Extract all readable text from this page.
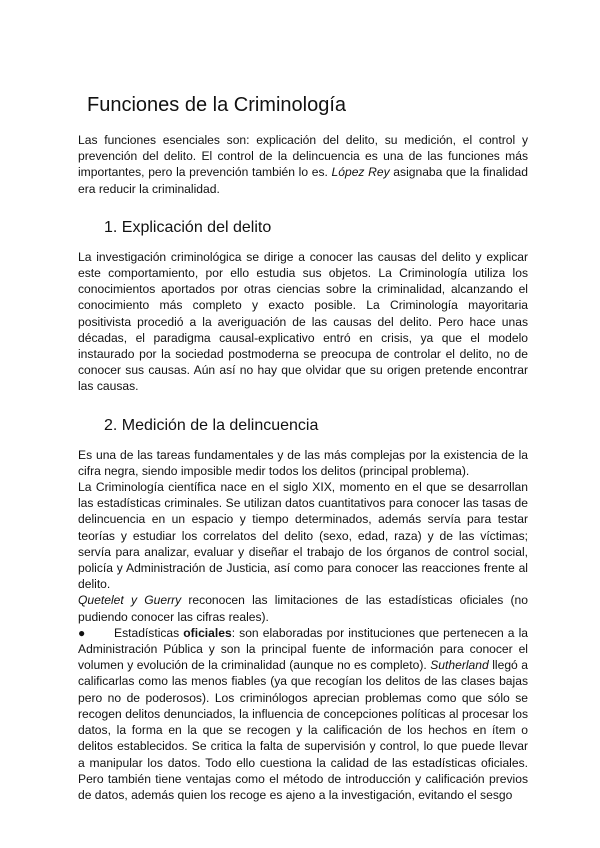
Funciones de la Criminología

Las funciones esenciales son: explicación del delito, su medición, el control y prevención del delito. El control de la delincuencia es una de las funciones más importantes, pero la prevención también lo es. López Rey asignaba que la finalidad era reducir la criminalidad.

1. Explicación del delito

La investigación criminológica se dirige a conocer las causas del delito y explicar este comportamiento, por ello estudia sus objetos. La Criminología utiliza los conocimientos aportados por otras ciencias sobre la criminalidad, alcanzando el conocimiento más completo y exacto posible. La Criminología mayoritaria positivista procedió a la averiguación de las causas del delito. Pero hace unas décadas, el paradigma causal-explicativo entró en crisis, ya que el modelo instaurado por la sociedad postmoderna se preocupa de controlar el delito, no de conocer sus causas. Aún así no hay que olvidar que su origen pretende encontrar las causas.

2. Medición de la delincuencia

Es una de las tareas fundamentales y de las más complejas por la existencia de la cifra negra, siendo imposible medir todos los delitos (principal problema).

La Criminología científica nace en el siglo XIX, momento en el que se desarrollan las estadísticas criminales. Se utilizan datos cuantitativos para conocer las tasas de delincuencia en un espacio y tiempo determinados, además servía para testar teorías y estudiar los correlatos del delito (sexo, edad, raza) y de las víctimas; servía para analizar, evaluar y diseñar el trabajo de los órganos de control social, policía y Administración de Justicia, así como para conocer las reacciones frente al delito.

Quetelet y Guerry reconocen las limitaciones de las estadísticas oficiales (no pudiendo conocer las cifras reales).

● Estadísticas oficiales: son elaboradas por instituciones que pertenecen a la Administración Pública y son la principal fuente de información para conocer el volumen y evolución de la criminalidad (aunque no es completo). Sutherland llegó a calificarlas como las menos fiables (ya que recogían los delitos de las clases bajas pero no de poderosos). Los criminólogos aprecian problemas como que sólo se recogen delitos denunciados, la influencia de concepciones políticas al procesar los datos, la forma en la que se recogen y la calificación de los hechos en ítem o delitos establecidos. Se critica la falta de supervisión y control, lo que puede llevar a manipular los datos. Todo ello cuestiona la calidad de las estadísticas oficiales. Pero también tiene ventajas como el método de introducción y calificación previos de datos, además quien los recoge es ajeno a la investigación, evitando el sesgo
